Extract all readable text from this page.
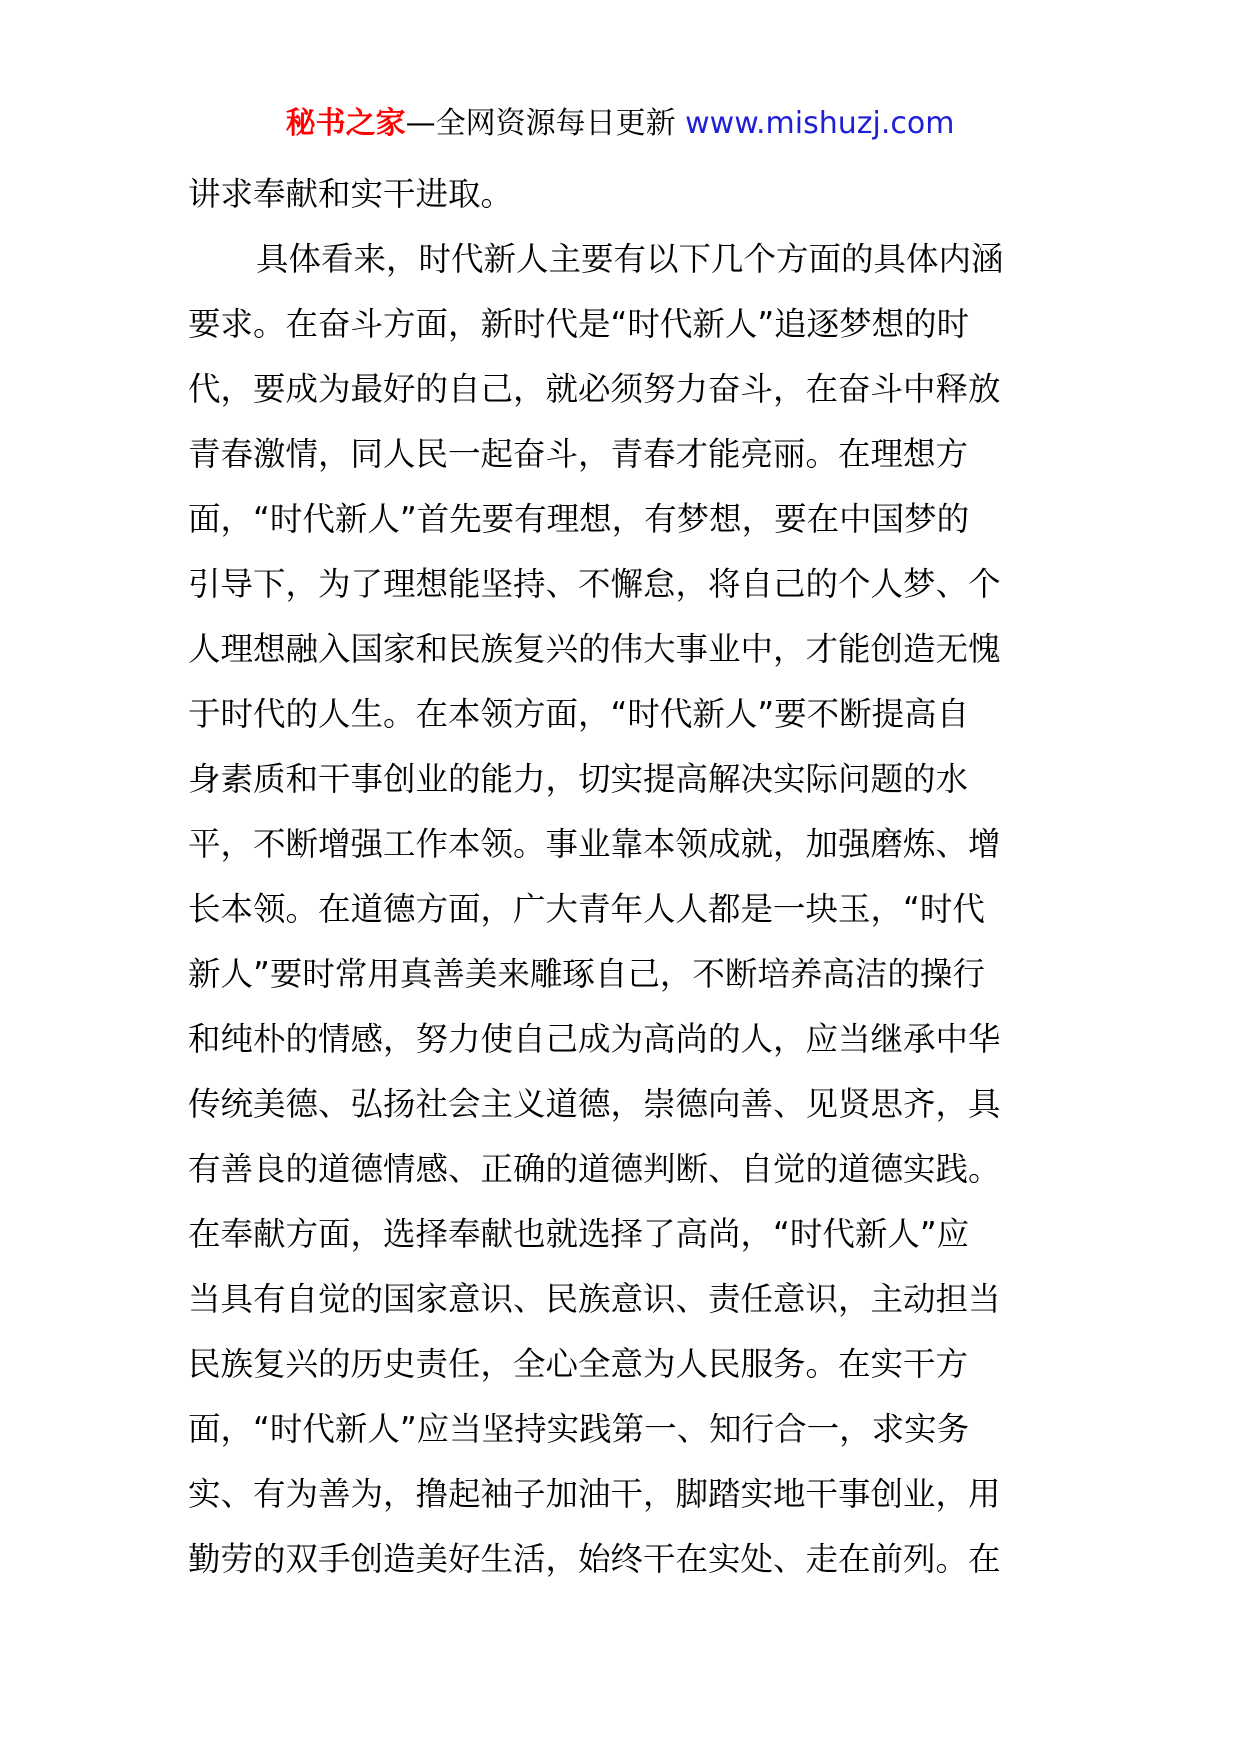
秘书之家—全网资源每日更新 www.mishuzj.com
讲求奉献和实干进取。
具体看来，时代新人主要有以下几个方面的具体内涵
要求。在奋斗方面，新时代是“时代新人”追逐梦想的时
代，要成为最好的自己，就必须努力奋斗，在奋斗中释放
青春激情，同人民一起奋斗，青春才能亮丽。在理想方
面，“时代新人”首先要有理想，有梦想，要在中国梦的
引导下，为了理想能坚持、不懈怠，将自己的个人梦、个
人理想融入国家和民族复兴的伟大事业中，才能创造无愧
于时代的人生。在本领方面，“时代新人”要不断提高自
身素质和干事创业的能力，切实提高解决实际问题的水
平，不断增强工作本领。事业靠本领成就，加强磨炼、增
长本领。在道德方面，广大青年人人都是一块玉，“时代
新人”要时常用真善美来雕琢自己，不断培养高洁的操行
和纯朴的情感，努力使自己成为高尚的人，应当继承中华
传统美德、弘扬社会主义道德，崇德向善、见贤思齐，具
有善良的道德情感、正确的道德判断、自觉的道德实践。
在奉献方面，选择奉献也就选择了高尚，“时代新人”应
当具有自觉的国家意识、民族意识、责任意识，主动担当
民族复兴的历史责任，全心全意为人民服务。在实干方
面，“时代新人”应当坚持实践第一、知行合一，求实务
实、有为善为，撸起袖子加油干，脚踏实地干事创业，用
勤劳的双手创造美好生活，始终干在实处、走在前列。在
